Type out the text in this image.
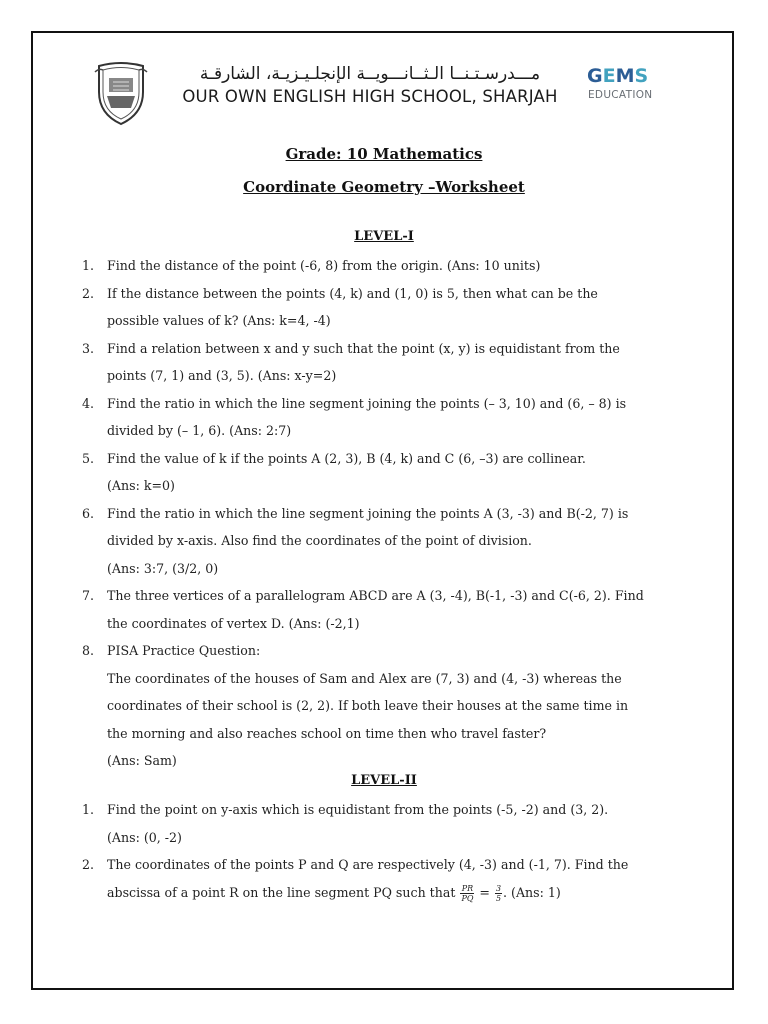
مـــدرسـتـنــا الـثــانـــويــة الإنجلـيـزيـة، الشارقـة
OUR OWN ENGLISH HIGH SCHOOL, SHARJAH
GEMS
EDUCATION
Grade: 10 Mathematics
Coordinate Geometry –Worksheet
LEVEL-I
1.	Find the distance of the point (-6, 8) from the origin. (Ans: 10 units)
2.	If the distance between the points (4, k) and (1, 0) is 5, then what can be the
possible values of k? (Ans: k=4, -4)
3.	Find a relation between x and y such that the point (x, y) is equidistant from the
points (7, 1) and (3, 5). (Ans: x-y=2)
4.	Find the ratio in which the line segment joining the points (– 3, 10) and (6, – 8) is
divided by (– 1, 6). (Ans: 2:7)
5.	Find the value of k if the points A (2, 3), B (4, k) and C (6, –3) are collinear.
(Ans: k=0)
6.	Find the ratio in which the line segment joining the points A (3, -3) and B(-2, 7) is
divided by x-axis. Also find the coordinates of the point of division.
(Ans: 3:7, (3/2, 0)
7.	The three vertices of a parallelogram ABCD are A (3, -4), B(-1, -3) and C(-6, 2). Find
the coordinates of vertex D. (Ans: (-2,1)
8.	PISA Practice Question:
The coordinates of the houses of Sam and Alex are (7, 3) and (4, -3) whereas the
coordinates of their school is (2, 2). If both leave their houses at the same time in
the morning and also reaches school on time then who travel faster?
(Ans: Sam)
LEVEL-II
1.	Find the point on y-axis which is equidistant from the points (-5, -2) and (3, 2).
(Ans: (0, -2)
2.	The coordinates of the points P and Q are respectively (4, -3) and (-1, 7). Find the
abscissa of a point R on the line segment PQ such that $\frac{PR}{PQ} = \frac{3}{5}$ . (Ans: 1)
